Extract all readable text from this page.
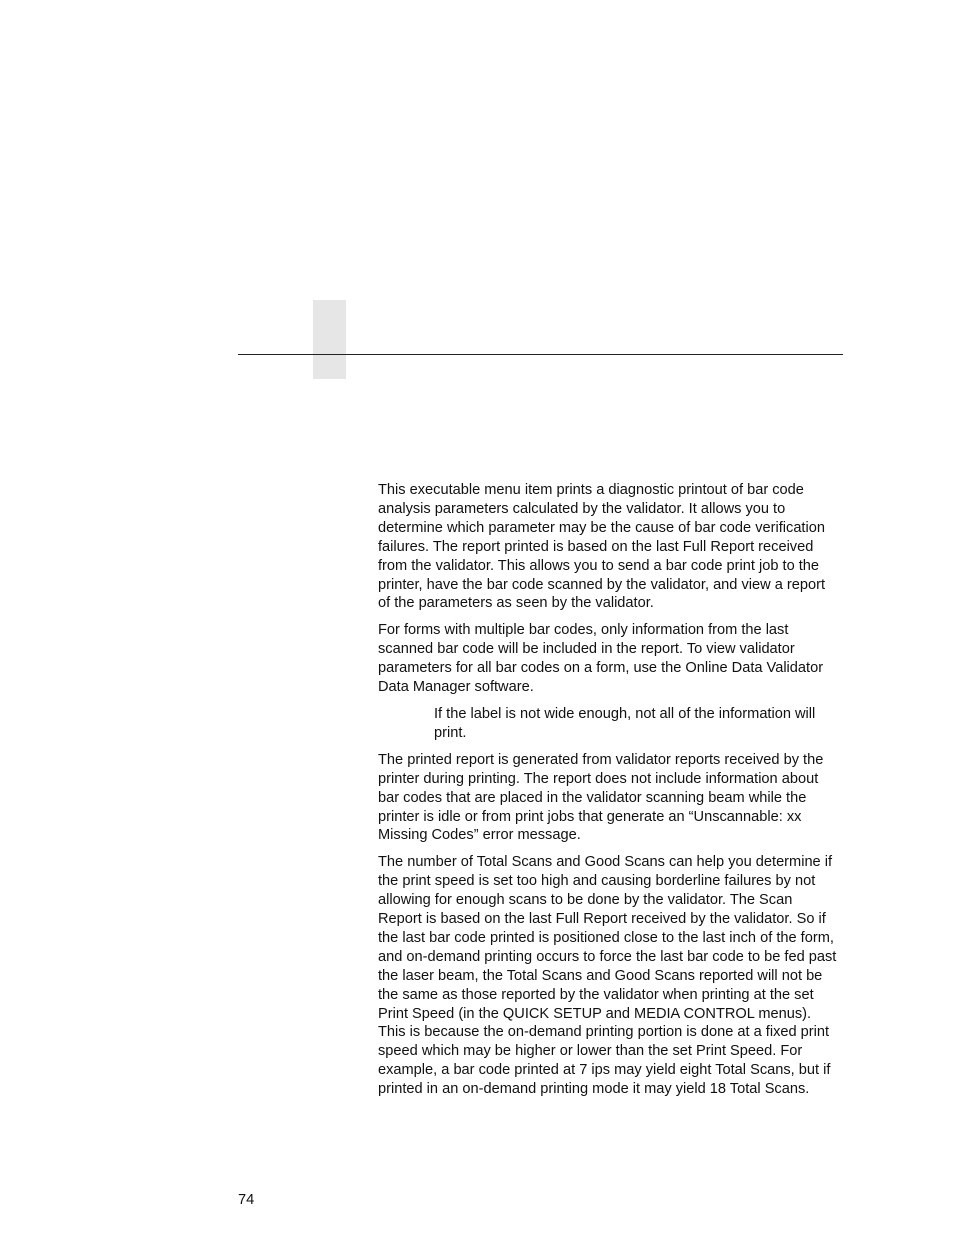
This executable menu item prints a diagnostic printout of bar code analysis parameters calculated by the validator. It allows you to determine which parameter may be the cause of bar code verification failures. The report printed is based on the last Full Report received from the validator. This allows you to send a bar code print job to the printer, have the bar code scanned by the validator, and view a report of the parameters as seen by the validator.

For forms with multiple bar codes, only information from the last scanned bar code will be included in the report. To view validator parameters for all bar codes on a form, use the Online Data Validator Data Manager software.

If the label is not wide enough, not all of the information will print.

The printed report is generated from validator reports received by the printer during printing. The report does not include information about bar codes that are placed in the validator scanning beam while the printer is idle or from print jobs that generate an “Unscannable: xx Missing Codes” error message.

The number of Total Scans and Good Scans can help you determine if the print speed is set too high and causing borderline failures by not allowing for enough scans to be done by the validator. The Scan Report is based on the last Full Report received by the validator. So if the last bar code printed is positioned close to the last inch of the form, and on-demand printing occurs to force the last bar code to be fed past the laser beam, the Total Scans and Good Scans reported will not be the same as those reported by the validator when printing at the set Print Speed (in the QUICK SETUP and MEDIA CONTROL menus). This is because the on-demand printing portion is done at a fixed print speed which may be higher or lower than the set Print Speed. For example, a bar code printed at 7 ips may yield eight Total Scans, but if printed in an on-demand printing mode it may yield 18 Total Scans.

74
